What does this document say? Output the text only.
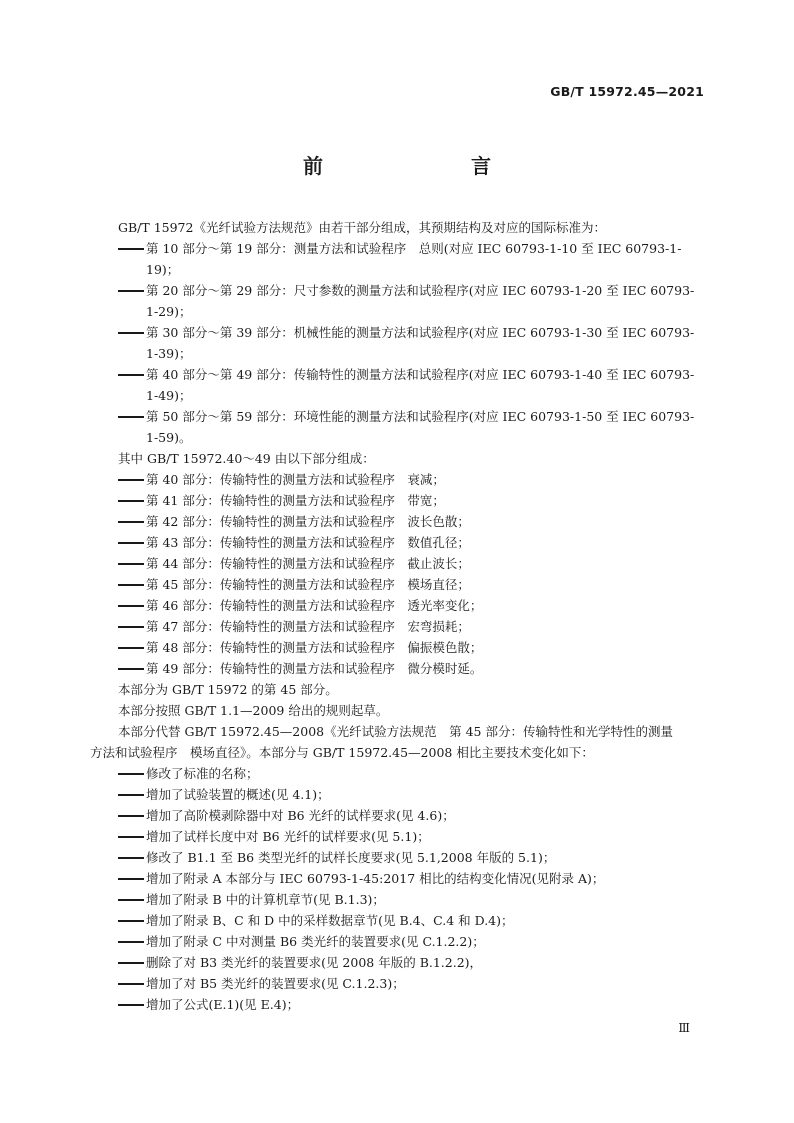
GB/T 15972.45—2021
前　　言

GB/T 15972《光纤试验方法规范》由若干部分组成，其预期结构及对应的国际标准为：

第 10 部分～第 19 部分：测量方法和试验程序　总则(对应 IEC 60793-1-10 至 IEC 60793-1-19)；
第 20 部分～第 29 部分：尺寸参数的测量方法和试验程序(对应 IEC 60793-1-20 至 IEC 60793-1-29)；
第 30 部分～第 39 部分：机械性能的测量方法和试验程序(对应 IEC 60793-1-30 至 IEC 60793-1-39)；
第 40 部分～第 49 部分：传输特性的测量方法和试验程序(对应 IEC 60793-1-40 至 IEC 60793-1-49)；
第 50 部分～第 59 部分：环境性能的测量方法和试验程序(对应 IEC 60793-1-50 至 IEC 60793-1-59)。

其中 GB/T 15972.40～49 由以下部分组成：

第 40 部分：传输特性的测量方法和试验程序　衰减；
第 41 部分：传输特性的测量方法和试验程序　带宽；
第 42 部分：传输特性的测量方法和试验程序　波长色散；
第 43 部分：传输特性的测量方法和试验程序　数值孔径；
第 44 部分：传输特性的测量方法和试验程序　截止波长；
第 45 部分：传输特性的测量方法和试验程序　模场直径；
第 46 部分：传输特性的测量方法和试验程序　透光率变化；
第 47 部分：传输特性的测量方法和试验程序　宏弯损耗；
第 48 部分：传输特性的测量方法和试验程序　偏振模色散；
第 49 部分：传输特性的测量方法和试验程序　微分模时延。

本部分为 GB/T 15972 的第 45 部分。

本部分按照 GB/T 1.1—2009 给出的规则起草。

本部分代替 GB/T 15972.45—2008《光纤试验方法规范　第 45 部分：传输特性和光学特性的测量

方法和试验程序　模场直径》。本部分与 GB/T 15972.45—2008 相比主要技术变化如下：

修改了标准的名称；
增加了试验装置的概述(见 4.1)；
增加了高阶模剥除器中对 B6 光纤的试样要求(见 4.6)；
增加了试样长度中对 B6 光纤的试样要求(见 5.1)；
修改了 B1.1 至 B6 类型光纤的试样长度要求(见 5.1,2008 年版的 5.1)；
增加了附录 A 本部分与 IEC 60793-1-45:2017 相比的结构变化情况(见附录 A)；
增加了附录 B 中的计算机章节(见 B.1.3)；
增加了附录 B、C 和 D 中的采样数据章节(见 B.4、C.4 和 D.4)；
增加了附录 C 中对测量 B6 类光纤的装置要求(见 C.1.2.2)；
删除了对 B3 类光纤的装置要求(见 2008 年版的 B.1.2.2)，
增加了对 B5 类光纤的装置要求(见 C.1.2.3)；
增加了公式(E.1)(见 E.4)；
Ⅲ
